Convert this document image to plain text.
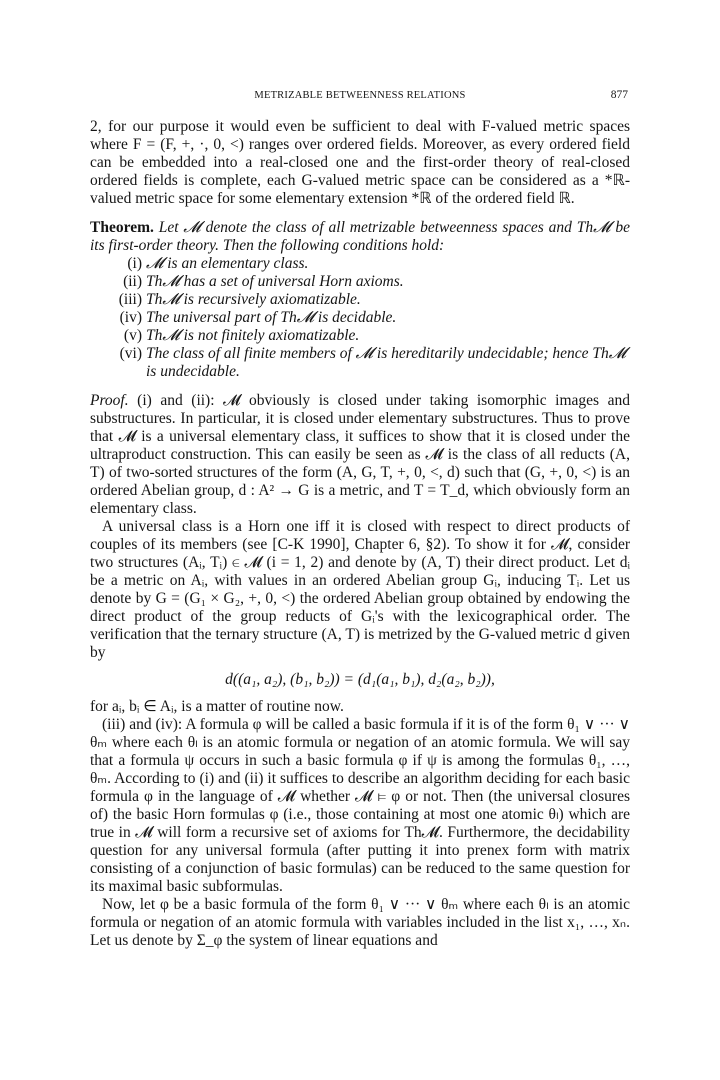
METRIZABLE BETWEENNESS RELATIONS	877

2, for our purpose it would even be sufficient to deal with F-valued metric spaces where F = (F, +, ·, 0, <) ranges over ordered fields. Moreover, as every ordered field can be embedded into a real-closed one and the first-order theory of real-closed ordered fields is complete, each G-valued metric space can be considered as a *ℝ-valued metric space for some elementary extension *ℝ of the ordered field ℝ.

Theorem. Let 𝓜 denote the class of all metrizable betweenness spaces and Th𝓜 be its first-order theory. Then the following conditions hold:

(i) 𝓜 is an elementary class.
(ii) Th𝓜 has a set of universal Horn axioms.
(iii) Th𝓜 is recursively axiomatizable.
(iv) The universal part of Th𝓜 is decidable.
(v) Th𝓜 is not finitely axiomatizable.
(vi) The class of all finite members of 𝓜 is hereditarily undecidable; hence Th𝓜 is undecidable.

Proof. (i) and (ii): 𝓜 obviously is closed under taking isomorphic images and substructures. In particular, it is closed under elementary substructures. Thus to prove that 𝓜 is a universal elementary class, it suffices to show that it is closed under the ultraproduct construction. This can easily be seen as 𝓜 is the class of all reducts (A, T) of two-sorted structures of the form (A, G, T, +, 0, <, d) such that (G, +, 0, <) is an ordered Abelian group, d : A² → G is a metric, and T = T_d, which obviously form an elementary class.

A universal class is a Horn one iff it is closed with respect to direct products of couples of its members (see [C-K 1990], Chapter 6, §2). To show it for 𝓜, consider two structures (Aᵢ, Tᵢ) ∈ 𝓜 (i = 1, 2) and denote by (A, T) their direct product. Let dᵢ be a metric on Aᵢ, with values in an ordered Abelian group Gᵢ, inducing Tᵢ. Let us denote by G = (G₁ × G₂, +, 0, <) the ordered Abelian group obtained by endowing the direct product of the group reducts of Gᵢ's with the lexicographical order. The verification that the ternary structure (A, T) is metrized by the G-valued metric d given by

d((a₁, a₂), (b₁, b₂)) = (d₁(a₁, b₁), d₂(a₂, b₂)),

for aᵢ, bᵢ ∈ Aᵢ, is a matter of routine now.

(iii) and (iv): A formula φ will be called a basic formula if it is of the form θ₁ ∨ ··· ∨ θₘ where each θₗ is an atomic formula or negation of an atomic formula. We will say that a formula ψ occurs in such a basic formula φ if ψ is among the formulas θ₁, …, θₘ. According to (i) and (ii) it suffices to describe an algorithm deciding for each basic formula φ in the language of 𝓜 whether 𝓜 ⊨ φ or not. Then (the universal closures of) the basic Horn formulas φ (i.e., those containing at most one atomic θₗ) which are true in 𝓜 will form a recursive set of axioms for Th𝓜. Furthermore, the decidability question for any universal formula (after putting it into prenex form with matrix consisting of a conjunction of basic formulas) can be reduced to the same question for its maximal basic subformulas.

Now, let φ be a basic formula of the form θ₁ ∨ ··· ∨ θₘ where each θₗ is an atomic formula or negation of an atomic formula with variables included in the list x₁, …, xₙ. Let us denote by Σ_φ the system of linear equations and
